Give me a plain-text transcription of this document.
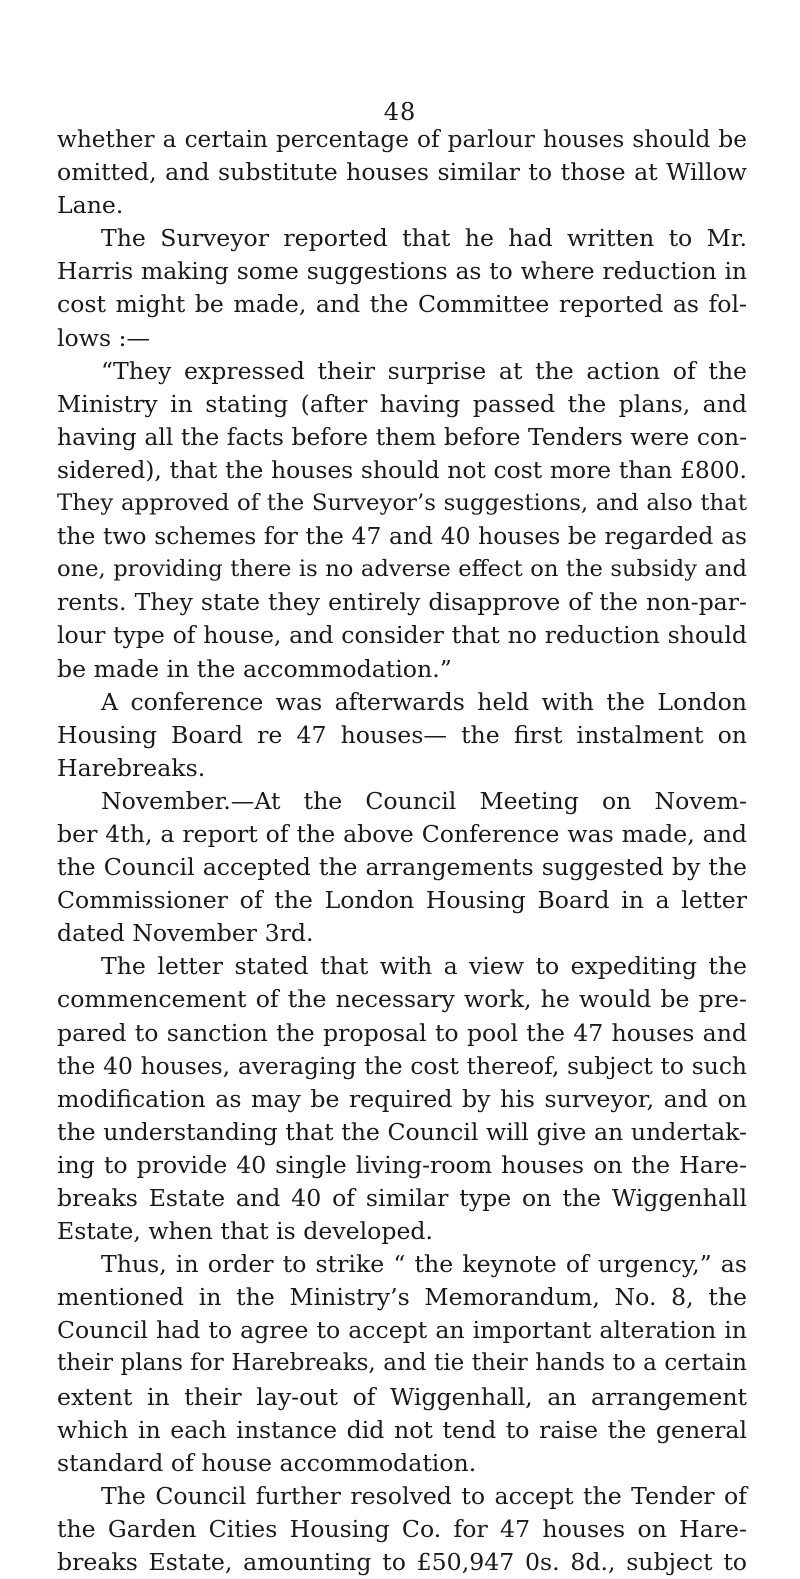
48
whether a certain percentage of parlour houses should be
omitted, and substitute houses similar to those at Willow
Lane.
The Surveyor reported that he had written to Mr.
Harris making some suggestions as to where reduction in
cost might be made, and the Committee reported as fol-
lows :—
“They expressed their surprise at the action of the
Ministry in stating (after having passed the plans, and
having all the facts before them before Tenders were con-
sidered), that the houses should not cost more than £800.
They approved of the Surveyor’s suggestions, and also that
the two schemes for the 47 and 40 houses be regarded as
one, providing there is no adverse effect on the subsidy and
rents. They state they entirely disapprove of the non-par-
lour type of house, and consider that no reduction should
be made in the accommodation.”
A conference was afterwards held with the London
Housing Board re 47 houses— the first instalment on
Harebreaks.
November.—At the Council Meeting on Novem-
ber 4th, a report of the above Conference was made, and
the Council accepted the arrangements suggested by the
Commissioner of the London Housing Board in a letter
dated November 3rd.
The letter stated that with a view to expediting the
commencement of the necessary work, he would be pre-
pared to sanction the proposal to pool the 47 houses and
the 40 houses, averaging the cost thereof, subject to such
modification as may be required by his surveyor, and on
the understanding that the Council will give an undertak-
ing to provide 40 single living-room houses on the Hare-
breaks Estate and 40 of similar type on the Wiggenhall
Estate, when that is developed.
Thus, in order to strike “ the keynote of urgency,” as
mentioned in the Ministry’s Memorandum, No. 8, the
Council had to agree to accept an important alteration in
their plans for Harebreaks, and tie their hands to a certain
extent in their lay-out of Wiggenhall, an arrangement
which in each instance did not tend to raise the general
standard of house accommodation.
The Council further resolved to accept the Tender of
the Garden Cities Housing Co. for 47 houses on Hare-
breaks Estate, amounting to £50,947 0s. 8d., subject to
